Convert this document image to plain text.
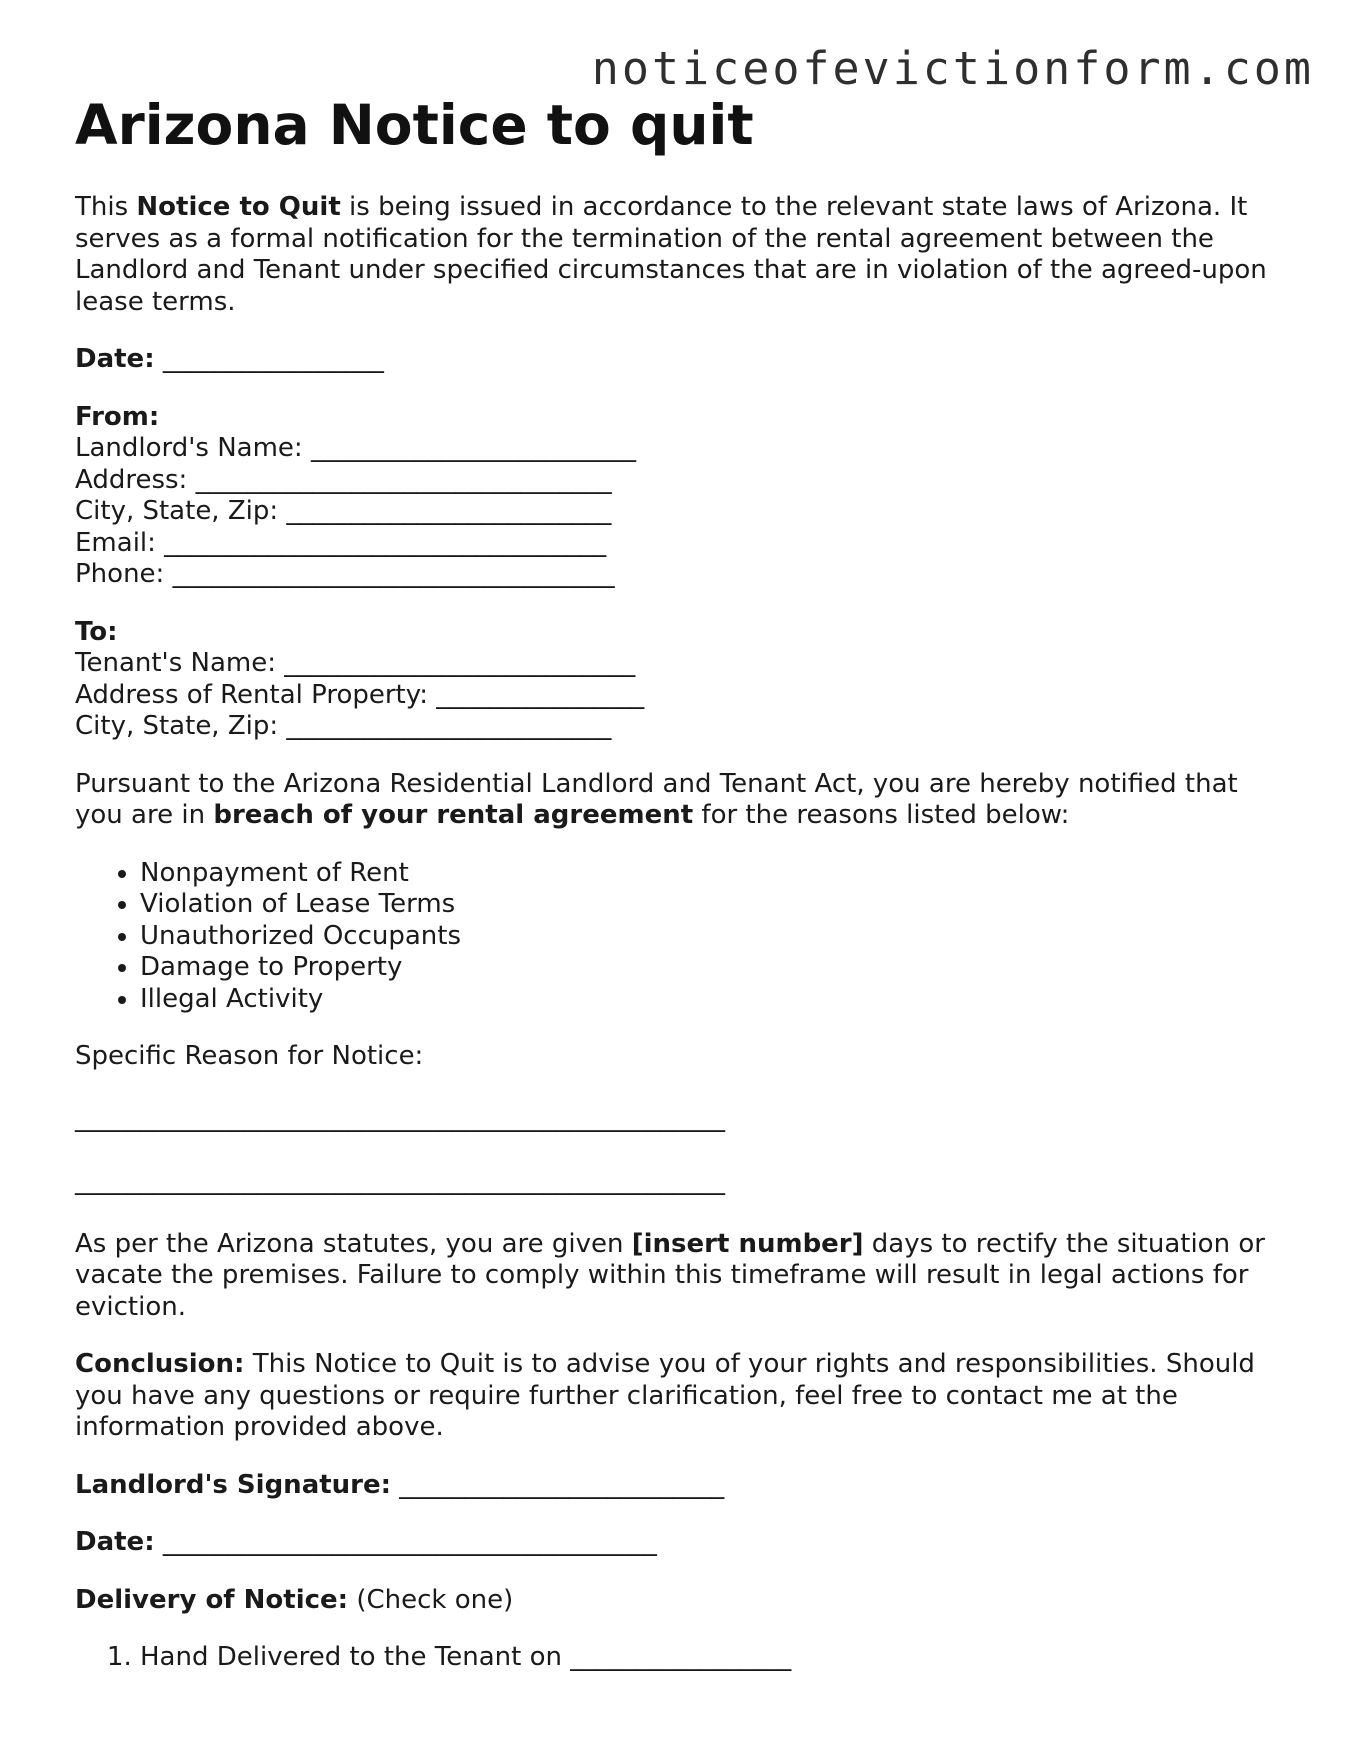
noticeofevictionform.com
Arizona Notice to quit

This Notice to Quit is being issued in accordance to the relevant state laws of Arizona. It serves as a formal notification for the termination of the rental agreement between the Landlord and Tenant under specified circumstances that are in violation of the agreed-upon lease terms.

Date: _________________

From:
Landlord's Name: _________________________
Address: ________________________________
City, State, Zip: _________________________
Email: __________________________________
Phone: __________________________________
To:
Tenant's Name: ___________________________
Address of Rental Property: ________________
City, State, Zip: _________________________

Pursuant to the Arizona Residential Landlord and Tenant Act, you are hereby notified that you are in breach of your rental agreement for the reasons listed below:

• Nonpayment of Rent
• Violation of Lease Terms
• Unauthorized Occupants
• Damage to Property
• Illegal Activity
Specific Reason for Notice:
__________________________________________________
__________________________________________________

As per the Arizona statutes, you are given [insert number] days to rectify the situation or vacate the premises. Failure to comply within this timeframe will result in legal actions for eviction.

Conclusion: This Notice to Quit is to advise you of your rights and responsibilities. Should you have any questions or require further clarification, feel free to contact me at the information provided above.

Landlord's Signature: _________________________

Date: ______________________________________

Delivery of Notice: (Check one)

1. Hand Delivered to the Tenant on _________________
